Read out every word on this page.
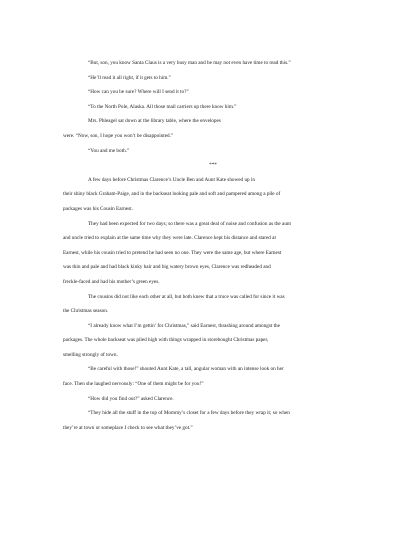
“But, son, you know Santa Claus is a very busy man and he may not even have time to read this.”

“He’ll read it all right, if it gets to him.”

“How can you be sure? Where will I send it to?”

“To the North Pole, Alaska. All those mail carriers up there know him.”

Mrs. Phleagel sat down at the library table, where the envelopes

were. “Now, son, I hope you won’t be disappointed.”

“You and me both.”

***

A few days before Christmas Clarence’s Uncle Ben and Aunt Kate showed up in

their shiny black Graham-Paige, and in the backseat looking pale and soft and pampered among a pile of

packages was his Cousin Earnest.

They had been expected for two days; so there was a great deal of noise and confusion as the aunt

and uncle tried to explain at the same time why they were late. Clarence kept his distance and stared at

Earnest, while his cousin tried to pretend he had seen no one. They were the same age, but where Earnest

was thin and pale and had black kinky hair and big watery brown eyes, Clarence was redheaded and

freckle-faced and had his mother’s green eyes.

The cousins did not like each other at all, but both knew that a truce was called for since it was

the Christmas season.

“I already know what I’m gettin’ for Christmas,” said Earnest, thrashing around amongst the

packages. The whole backseat was piled high with things wrapped in storebought Christmas paper,

smelling strongly of town.

“Be careful with those!” shouted Aunt Kate, a tall, angular woman with an intense look on her

face. Then she laughed nervously: “One of them might be for you!”

“How did you find out?” asked Clarence.

“They hide all the stuff in the top of Mommy’s closet for a few days before they wrap it; so when

they’re at town or someplace I check to see what they’ve got.”
